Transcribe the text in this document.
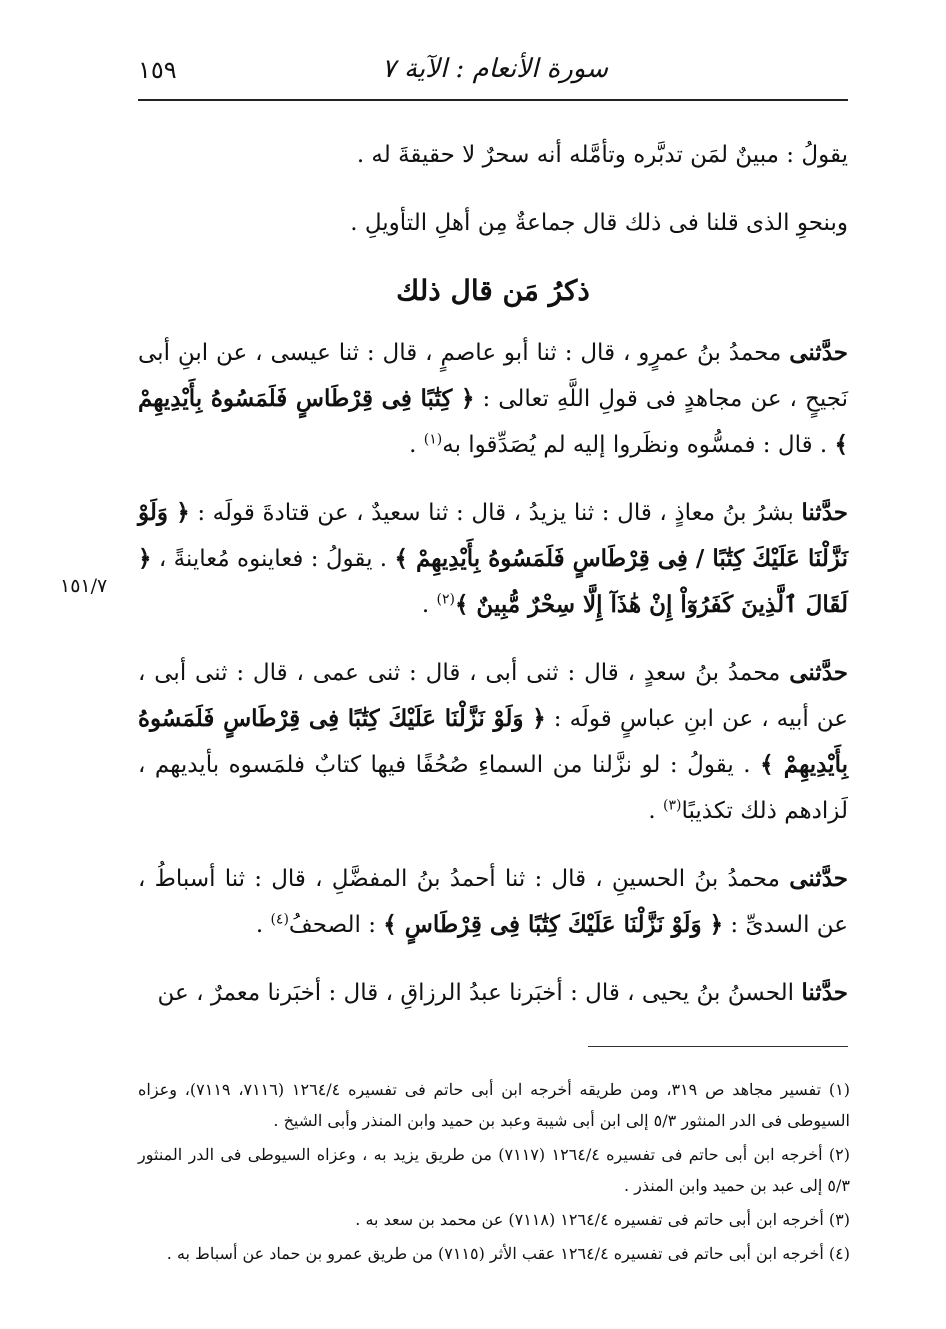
سورة الأنعام : الآية ٧
١٥٩
١٥١/٧

يقولُ : مبينٌ لمَن تدبَّره وتأمَّله أنه سحرٌ لا حقيقةَ له .

وبنحوِ الذى قلنا فى ذلك قال جماعةٌ مِن أهلِ التأويلِ .

ذكرُ مَن قال ذلك

حدَّثنى محمدُ بنُ عمرٍو ، قال : ثنا أبو عاصمٍ ، قال : ثنا عيسى ، عن ابنِ أبى نَجيحٍ ، عن مجاهدٍ فى قولِ اللَّهِ تعالى : ﴿ كِتَٰبًا فِى قِرْطَاسٍ فَلَمَسُوهُ بِأَيْدِيهِمْ ﴾ . قال : فمسُّوه ونظَروا إليه لم يُصَدِّقوا به$^{(١)}$ .

حدَّثنا بشرُ بنُ معاذٍ ، قال : ثنا يزيدُ ، قال : ثنا سعيدٌ ، عن قتادةَ قولَه : ﴿ وَلَوْ نَزَّلْنَا عَلَيْكَ كِتَٰبًا / فِى قِرْطَاسٍ فَلَمَسُوهُ بِأَيْدِيهِمْ ﴾ . يقولُ : فعاينوه مُعاينةً ، ﴿ لَقَالَ ٱلَّذِينَ كَفَرُوٓاْ إِنْ هَٰذَآ إِلَّا سِحْرٌ مُّبِينٌ ﴾$^{(٢)}$ .

حدَّثنى محمدُ بنُ سعدٍ ، قال : ثنى أبى ، قال : ثنى عمى ، قال : ثنى أبى ، عن أبيه ، عن ابنِ عباسٍ قولَه : ﴿ وَلَوْ نَزَّلْنَا عَلَيْكَ كِتَٰبًا فِى قِرْطَاسٍ فَلَمَسُوهُ بِأَيْدِيهِمْ ﴾ . يقولُ : لو نزَّلنا من السماءِ صُحُفًا فيها كتابٌ فلمَسوه بأيديهم ، لَزادهم ذلك تكذيبًا$^{(٣)}$ .

حدَّثنى محمدُ بنُ الحسينِ ، قال : ثنا أحمدُ بنُ المفضَّلِ ، قال : ثنا أسباطُ ، عن السدىِّ : ﴿ وَلَوْ نَزَّلْنَا عَلَيْكَ كِتَٰبًا فِى قِرْطَاسٍ ﴾ : الصحفُ$^{(٤)}$ .

حدَّثنا الحسنُ بنُ يحيى ، قال : أخبَرنا عبدُ الرزاقِ ، قال : أخبَرنا معمرٌ ، عن

(١) تفسير مجاهد ص ٣١٩، ومن طريقه أخرجه ابن أبى حاتم فى تفسيره ١٢٦٤/٤ (٧١١٦، ٧١١٩)، وعزاه السيوطى فى الدر المنثور ٥/٣ إلى ابن أبى شيبة وعبد بن حميد وابن المنذر وأبى الشيخ .

(٢) أخرجه ابن أبى حاتم فى تفسيره ١٢٦٤/٤ (٧١١٧) من طريق يزيد به ، وعزاه السيوطى فى الدر المنثور ٥/٣ إلى عبد بن حميد وابن المنذر .

(٣) أخرجه ابن أبى حاتم فى تفسيره ١٢٦٤/٤ (٧١١٨) عن محمد بن سعد به .

(٤) أخرجه ابن أبى حاتم فى تفسيره ١٢٦٤/٤ عقب الأثر (٧١١٥) من طريق عمرو بن حماد عن أسباط به .
